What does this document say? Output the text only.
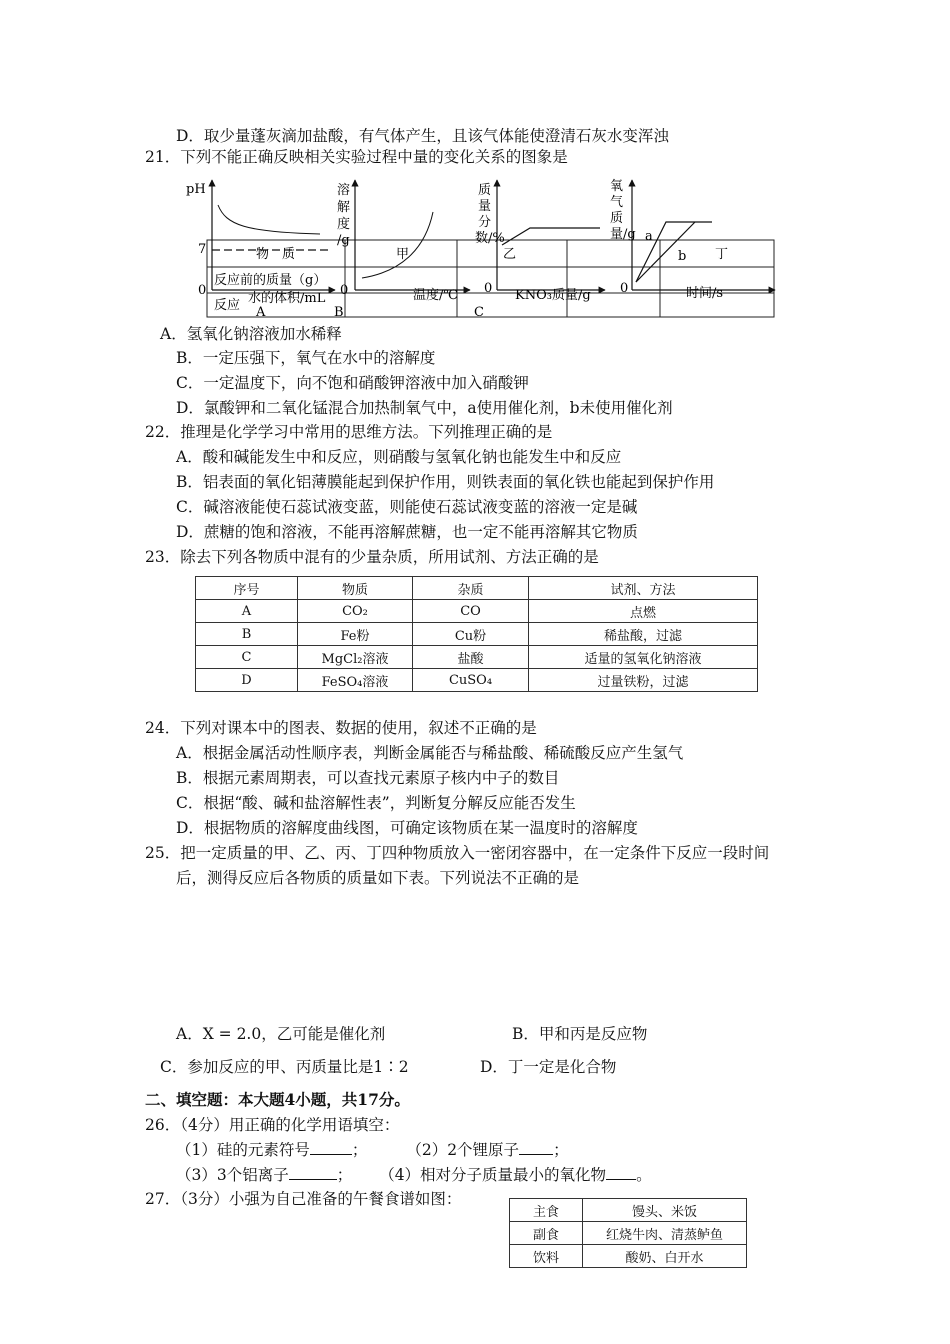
D．取少量蓬灰滴加盐酸，有气体产生，且该气体能使澄清石灰水变浑浊
21．下列不能正确反映相关实验过程中量的变化关系的图象是
物　质	甲	乙	丁
反应前的质量（g）
反应
pH
7
0
水的体积/mL
A
溶
解
度
/g
0	温度/℃
B
质
量
分
数/%
0 KNO₃质量/g
C
氧
气
质
量/g a
b
0	时间/s
A．氢氧化钠溶液加水稀释
B．一定压强下，氧气在水中的溶解度
C．一定温度下，向不饱和硝酸钾溶液中加入硝酸钾
D．氯酸钾和二氧化锰混合加热制氧气中，a使用催化剂，b未使用催化剂
22．推理是化学学习中常用的思维方法。下列推理正确的是
A．酸和碱能发生中和反应，则硝酸与氢氧化钠也能发生中和反应
B．铝表面的氧化铝薄膜能起到保护作用，则铁表面的氧化铁也能起到保护作用
C．碱溶液能使石蕊试液变蓝，则能使石蕊试液变蓝的溶液一定是碱
D．蔗糖的饱和溶液，不能再溶解蔗糖，也一定不能再溶解其它物质
23．除去下列各物质中混有的少量杂质，所用试剂、方法正确的是
序号	物质	杂质	试剂、方法
A	CO₂	CO	点燃
B	Fe粉	Cu粉	稀盐酸，过滤
C	MgCl₂溶液	盐酸	适量的氢氧化钠溶液
D	FeSO₄溶液	CuSO₄	过量铁粉，过滤
24．下列对课本中的图表、数据的使用，叙述不正确的是
A．根据金属活动性顺序表，判断金属能否与稀盐酸、稀硫酸反应产生氢气
B．根据元素周期表，可以查找元素原子核内中子的数目
C．根据“酸、碱和盐溶解性表”，判断复分解反应能否发生
D．根据物质的溶解度曲线图，可确定该物质在某一温度时的溶解度
25．把一定质量的甲、乙、丙、丁四种物质放入一密闭容器中，在一定条件下反应一段时间
后，测得反应后各物质的质量如下表。下列说法不正确的是
A．X = 2.0，乙可能是催化剂	B．甲和丙是反应物
C．参加反应的甲、丙质量比是1∶2	D．丁一定是化合物
二、填空题：本大题4小题，共17分。
26．（4分）用正确的化学用语填空：
（1）硅的元素符号	；	（2）2个锂原子 ；
（3）3个铝离子	； （4）相对分子质量最小的氧化物 。
27．（3分）小强为自己准备的午餐食谱如图：
主食	馒头、米饭
副食	红烧牛肉、清蒸鲈鱼
饮料	酸奶、白开水
